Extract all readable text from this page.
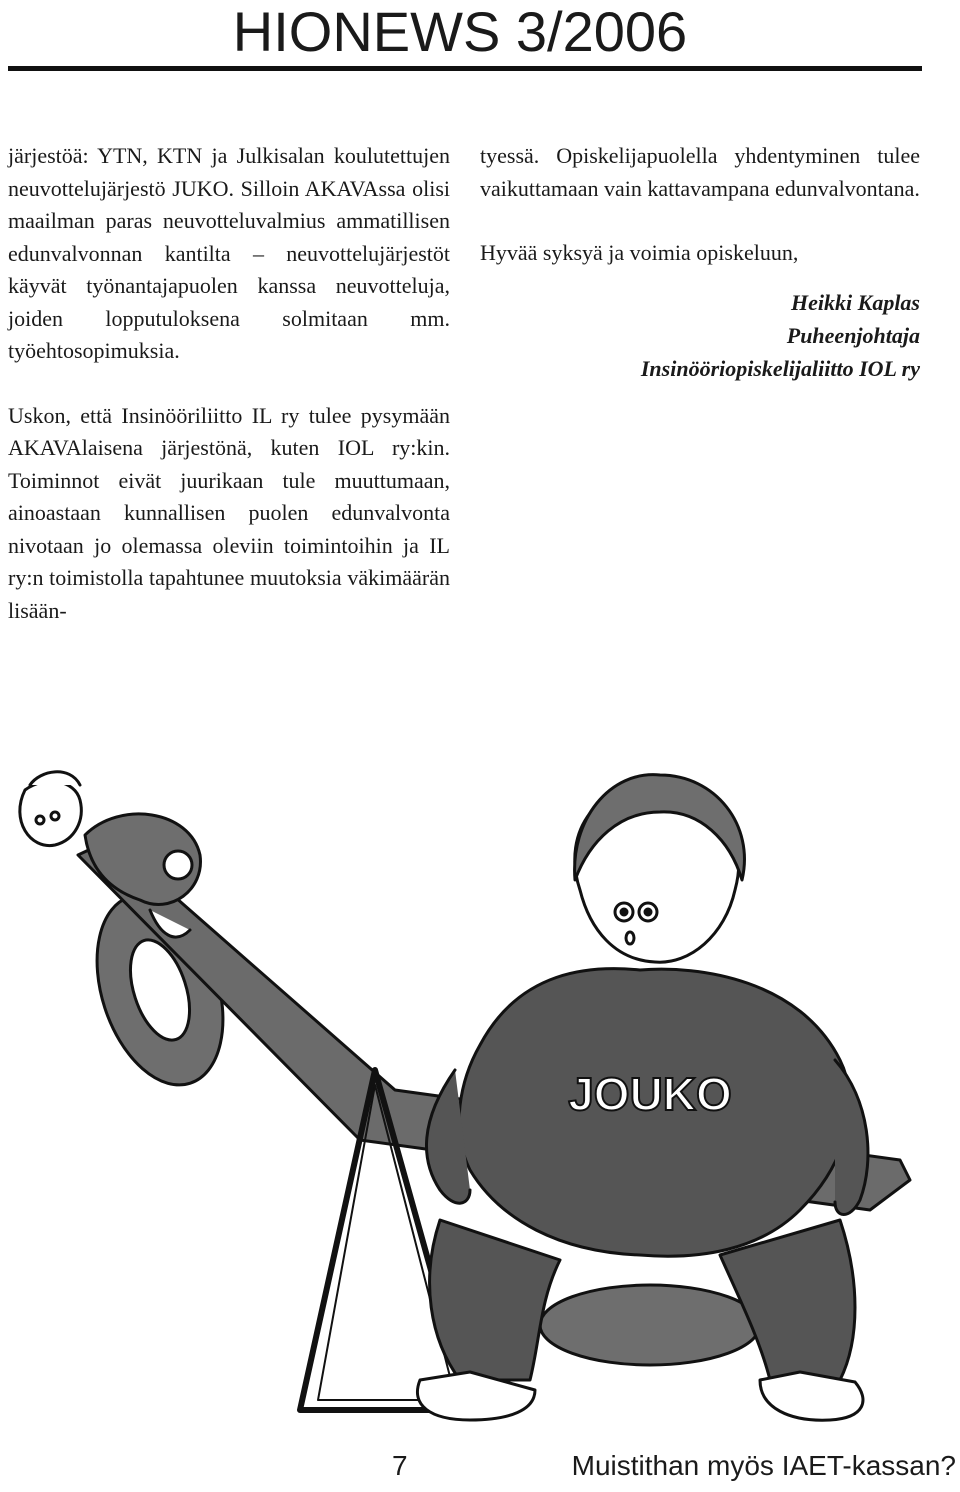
HIONEWS 3/2006

järjestöä: YTN, KTN ja Julkisalan koulutettujen neuvottelujärjestö JUKO. Silloin AKAVAssa olisi maailman paras neuvotteluvalmius ammatillisen edunvalvonnan kantilta – neuvottelujärjestöt käyvät työnantajapuolen kanssa neuvotteluja, joiden lopputuloksena solmitaan mm. työehtosopimuksia.

Uskon, että Insinööriliitto IL ry tulee pysymään AKAVAlaisena järjestönä, kuten IOL ry:kin. Toiminnot eivät juurikaan tule muuttumaan, ainoastaan kunnallisen puolen edunvalvonta nivotaan jo olemassa oleviin toimintoihin ja IL ry:n toimistolla tapahtunee muutoksia väkimäärän lisään-

tyessä. Opiskelijapuolella yhdentyminen tulee vaikuttamaan vain kattavampana edunvalvontana.

Hyvää syksyä ja voimia opiskeluun,

Heikki Kaplas
Puheenjohtaja
Insinööriopiskelijaliitto IOL ry
JOUKO
7	Muistithan myös IAET-kassan?
